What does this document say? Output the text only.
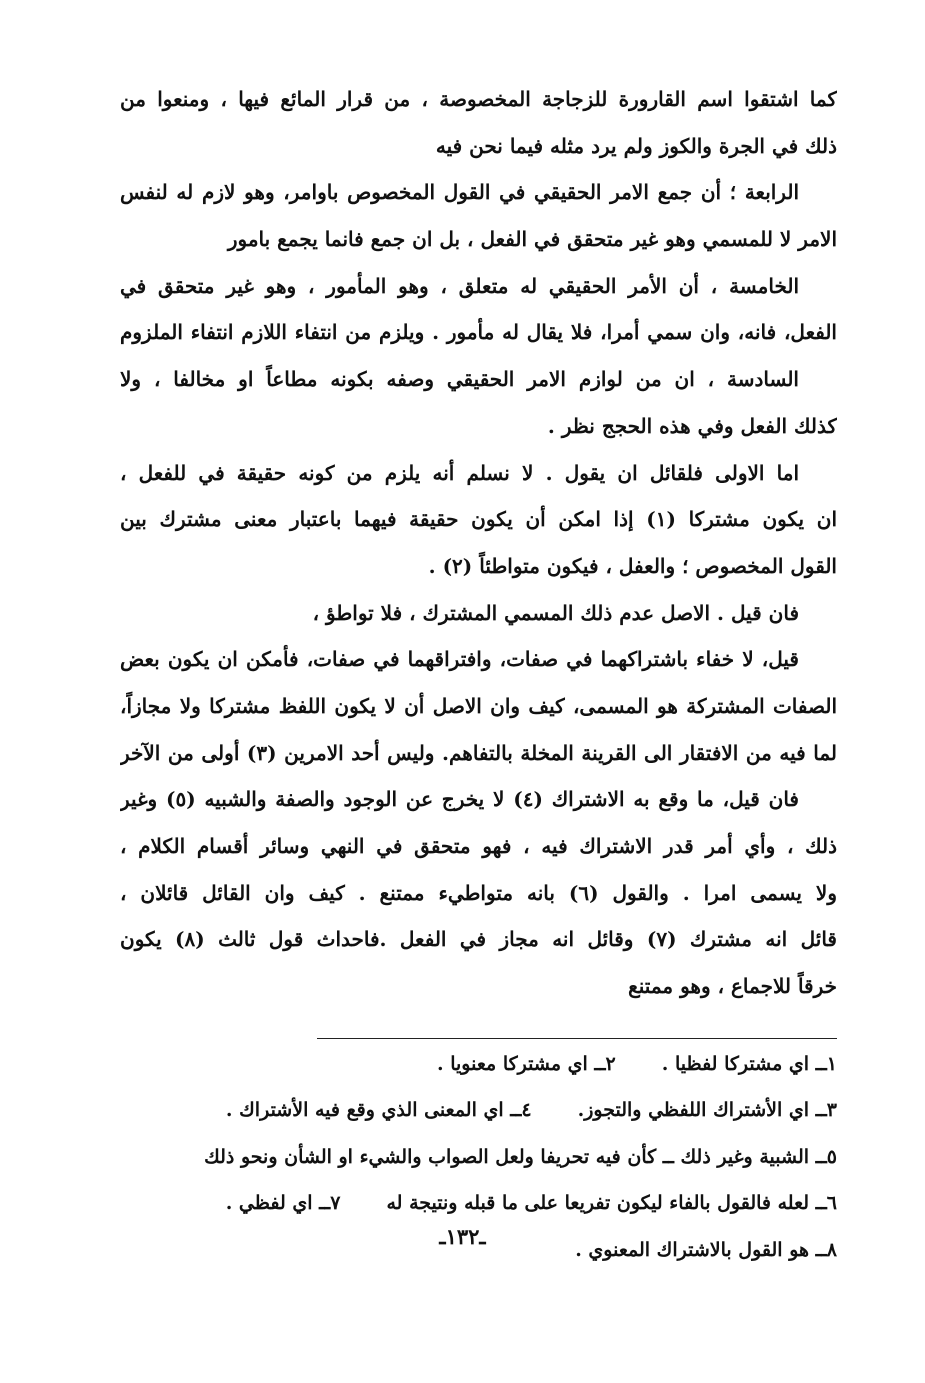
كما اشتقوا اسم القارورة للزجاجة المخصوصة ، من قرار المائع فيها ، ومنعوا من
ذلك في الجرة والكوز ولم يرد مثله فيما نحن فيه
الرابعة ؛ أن جمع الامر الحقيقي في القول المخصوص باوامر، وهو لازم له لنفس
الامر لا للمسمي وهو غير متحقق في الفعل ، بل ان جمع فانما يجمع بامور
الخامسة ، أن الأمر الحقيقي له متعلق ، وهو المأمور ، وهو غير متحقق في
الفعل، فانه، وان سمي أمرا، فلا يقال له مأمور . ويلزم من انتفاء اللازم انتفاء الملزوم
السادسة ، ان من لوازم الامر الحقيقي وصفه بكونه مطاعاً او مخالفا ، ولا
كذلك الفعل وفي هذه الحجج نظر .
اما الاولى فلقائل ان يقول . لا نسلم أنه يلزم من كونه حقيقة في للفعل ،
ان يكون مشتركا (١) إذا امكن أن يكون حقيقة فيهما باعتبار معنى مشترك بين
القول المخصوص ؛ والعفل ، فيكون متواطئاً (٢) .
فان قيل . الاصل عدم ذلك المسمي المشترك ، فلا تواطؤ ،
قيل، لا خفاء باشتراكهما في صفات، وافتراقهما في صفات، فأمكن ان يكون بعض
الصفات المشتركة هو المسمى، كيف وان الاصل أن لا يكون اللفظ مشتركا ولا مجازاً،
لما فيه من الافتقار الى القرينة المخلة بالتفاهم. وليس أحد الامرين (٣) أولى من الآخر
فان قيل، ما وقع به الاشتراك (٤) لا يخرج عن الوجود والصفة والشبيه (٥) وغير
ذلك ، وأي أمر قدر الاشتراك فيه ، فهو متحقق في النهي وسائر أقسام الكلام ،
ولا يسمى امرا . والقول (٦) بانه متواطيء ممتنع . كيف وان القائل قائلان ،
قائل انه مشترك (٧) وقائل انه مجاز في الفعل .فاحداث قول ثالث (٨) يكون
خرقاً للاجماع ، وهو ممتنع
١ــ اي مشتركا لفظيا .٢ــ اي مشتركا معنويا .
٣ــ اي الأشتراك اللفظي والتجوز.٤ــ اي المعنى الذي وقع فيه الأشتراك .
٥ــ الشبية وغير ذلك ــ كأن فيه تحريفا ولعل الصواب والشيء او الشأن ونحو ذلك
٦ــ لعله فالقول بالفاء ليكون تفريعا على ما قبله ونتيجة له٧ــ اي لفظي .
٨ــ هو القول بالاشتراك المعنوي .
ـ١٣٢ـ
